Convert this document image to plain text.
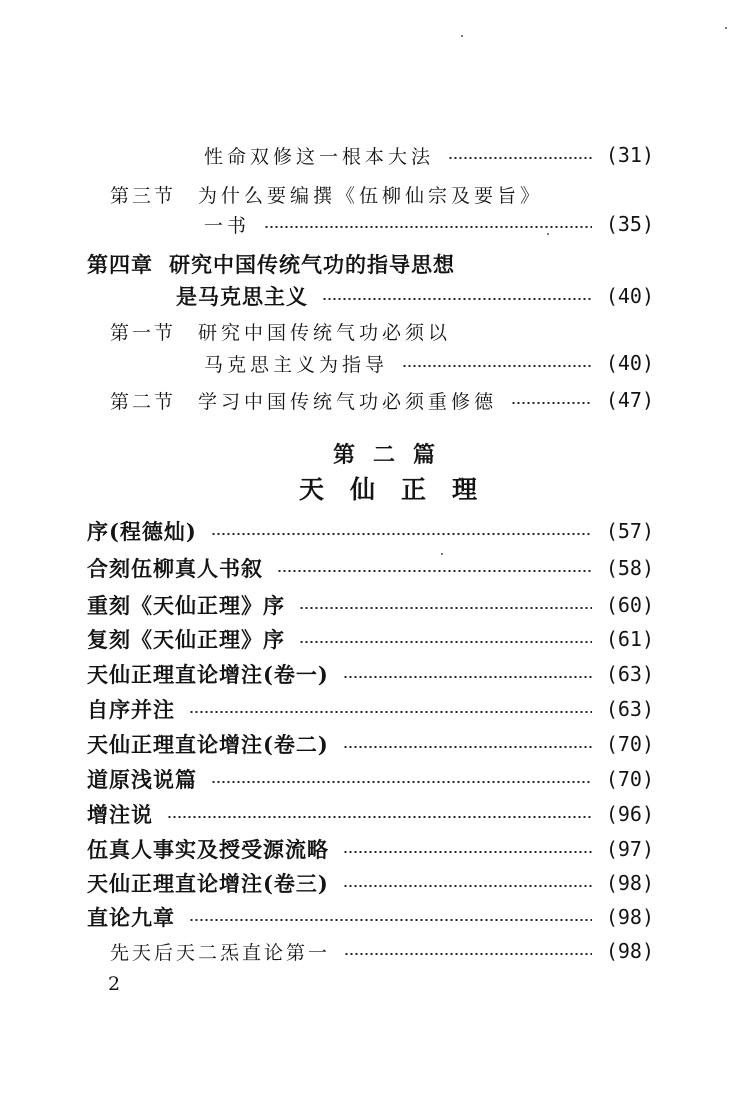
性命双修这一根本大法	(31)
第三节 为什么要编撰《伍柳仙宗及要旨》
一书	(35)
第四章 研究中国传统气功的指导思想
是马克思主义	(40)
第一节 研究中国传统气功必须以
马克思主义为指导	(40)
第二节 学习中国传统气功必须重修德	(47)
第二篇
天仙正理
序(程德灿)	(57)
合刻伍柳真人书叙	(58)
重刻《天仙正理》序	(60)
复刻《天仙正理》序	(61)
天仙正理直论增注(卷一)	(63)
自序并注	(63)
天仙正理直论增注(卷二)	(70)
道原浅说篇	(70)
增注说	(96)
伍真人事实及授受源流略	(97)
天仙正理直论增注(卷三)	(98)
直论九章	(98)
先天后天二炁直论第一	(98)
2
